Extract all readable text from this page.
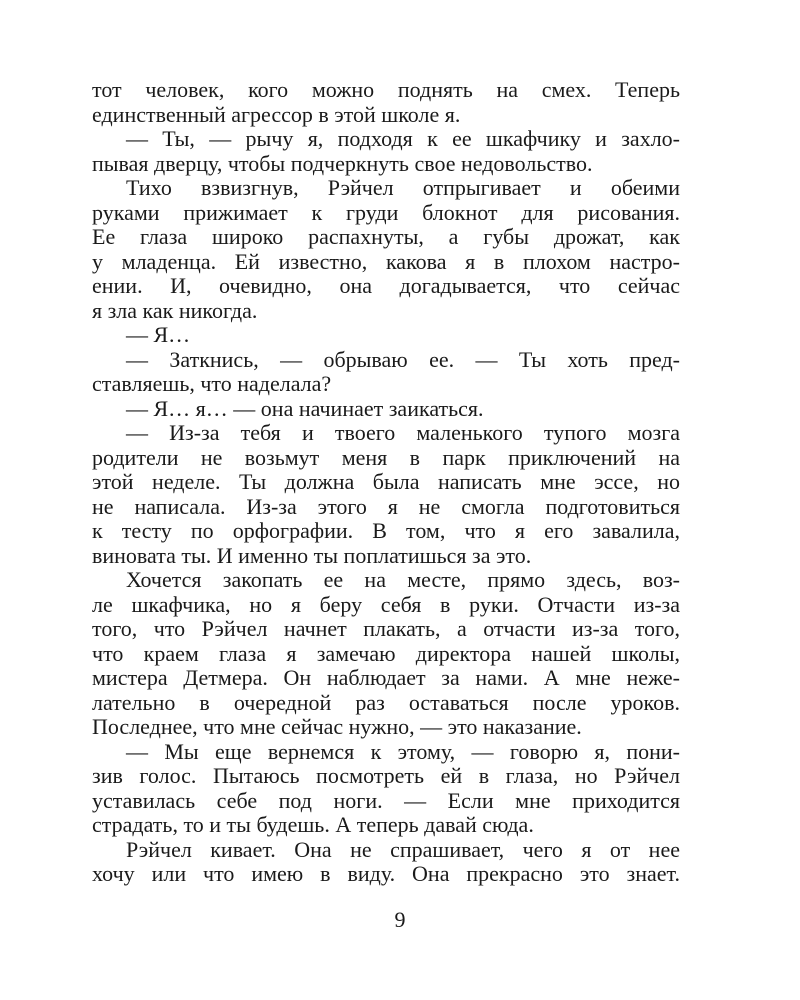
тот человек, кого можно поднять на смех. Теперь
единственный агрессор в этой школе я.
— Ты, — рычу я, подходя к ее шкафчику и захло-
пывая дверцу, чтобы подчеркнуть свое недовольство.
Тихо взвизгнув, Рэйчел отпрыгивает и обеими
руками прижимает к груди блокнот для рисования.
Ее глаза широко распахнуты, а губы дрожат, как
у младенца. Ей известно, какова я в плохом настро-
ении. И, очевидно, она догадывается, что сейчас
я зла как никогда.
— Я…
— Заткнись, — обрываю ее. — Ты хоть пред-
ставляешь, что наделала?
— Я… я… — она начинает заикаться.
— Из-за тебя и твоего маленького тупого мозга
родители не возьмут меня в парк приключений на
этой неделе. Ты должна была написать мне эссе, но
не написала. Из-за этого я не смогла подготовиться
к тесту по орфографии. В том, что я его завалила,
виновата ты. И именно ты поплатишься за это.
Хочется закопать ее на месте, прямо здесь, воз-
ле шкафчика, но я беру себя в руки. Отчасти из-за
того, что Рэйчел начнет плакать, а отчасти из-за того,
что краем глаза я замечаю директора нашей школы,
мистера Детмера. Он наблюдает за нами. А мне неже-
лательно в очередной раз оставаться после уроков.
Последнее, что мне сейчас нужно, — это наказание.
— Мы еще вернемся к этому, — говорю я, пони-
зив голос. Пытаюсь посмотреть ей в глаза, но Рэйчел
уставилась себе под ноги. — Если мне приходится
страдать, то и ты будешь. А теперь давай сюда.
Рэйчел кивает. Она не спрашивает, чего я от нее
хочу или что имею в виду. Она прекрасно это знает.
9
